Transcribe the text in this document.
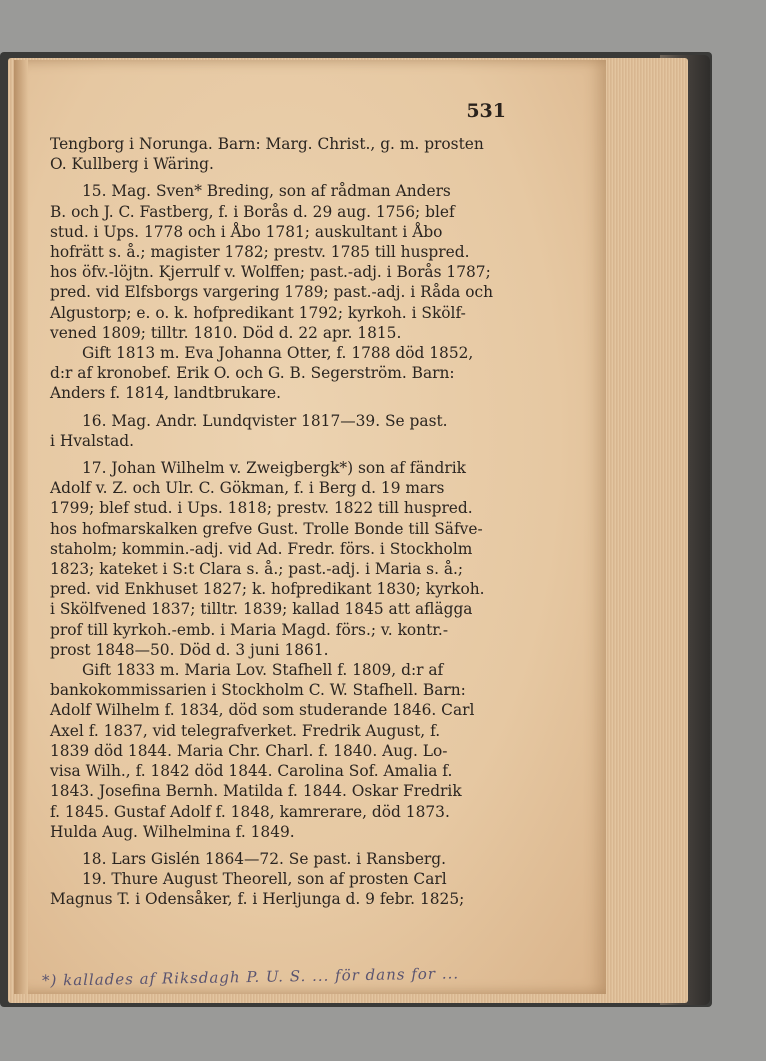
531
Tengborg i Norunga. Barn: Marg. Christ., g. m. prosten
O. Kullberg i Wäring.
15. Mag. Sven* Breding, son af rådman Anders
B. och J. C. Fastberg, f. i Borås d. 29 aug. 1756; blef
stud. i Ups. 1778 och i Åbo 1781; auskultant i Åbo
hofrätt s. å.; magister 1782; prestv. 1785 till huspred.
hos öfv.-löjtn. Kjerrulf v. Wolffen; past.-adj. i Borås 1787;
pred. vid Elfsborgs vargering 1789; past.-adj. i Råda och
Algustorp; e. o. k. hofpredikant 1792; kyrkoh. i Skölf-
vened 1809; tilltr. 1810. Död d. 22 apr. 1815.
Gift 1813 m. Eva Johanna Otter, f. 1788 död 1852,
d:r af kronobef. Erik O. och G. B. Segerström. Barn:
Anders f. 1814, landtbrukare.
16. Mag. Andr. Lundqvister 1817—39. Se past.
i Hvalstad.
17. Johan Wilhelm v. Zweigbergk*) son af fändrik
Adolf v. Z. och Ulr. C. Gökman, f. i Berg d. 19 mars
1799; blef stud. i Ups. 1818; prestv. 1822 till huspred.
hos hofmarskalken grefve Gust. Trolle Bonde till Säfve-
staholm; kommin.-adj. vid Ad. Fredr. förs. i Stockholm
1823; kateket i S:t Clara s. å.; past.-adj. i Maria s. å.;
pred. vid Enkhuset 1827; k. hofpredikant 1830; kyrkoh.
i Skölfvened 1837; tilltr. 1839; kallad 1845 att aflägga
prof till kyrkoh.-emb. i Maria Magd. förs.; v. kontr.-
prost 1848—50. Död d. 3 juni 1861.
Gift 1833 m. Maria Lov. Stafhell f. 1809, d:r af
bankokommissarien i Stockholm C. W. Stafhell. Barn:
Adolf Wilhelm f. 1834, död som studerande 1846. Carl
Axel f. 1837, vid telegrafverket. Fredrik August, f.
1839 död 1844. Maria Chr. Charl. f. 1840. Aug. Lo-
visa Wilh., f. 1842 död 1844. Carolina Sof. Amalia f.
1843. Josefina Bernh. Matilda f. 1844. Oskar Fredrik
f. 1845. Gustaf Adolf f. 1848, kamrerare, död 1873.
Hulda Aug. Wilhelmina f. 1849.
18. Lars Gislén 1864—72. Se past. i Ransberg.
19. Thure August Theorell, son af prosten Carl
Magnus T. i Odensåker, f. i Herljunga d. 9 febr. 1825;
*) kallades af Riksdagh P. U. S. ... för dans for ...
